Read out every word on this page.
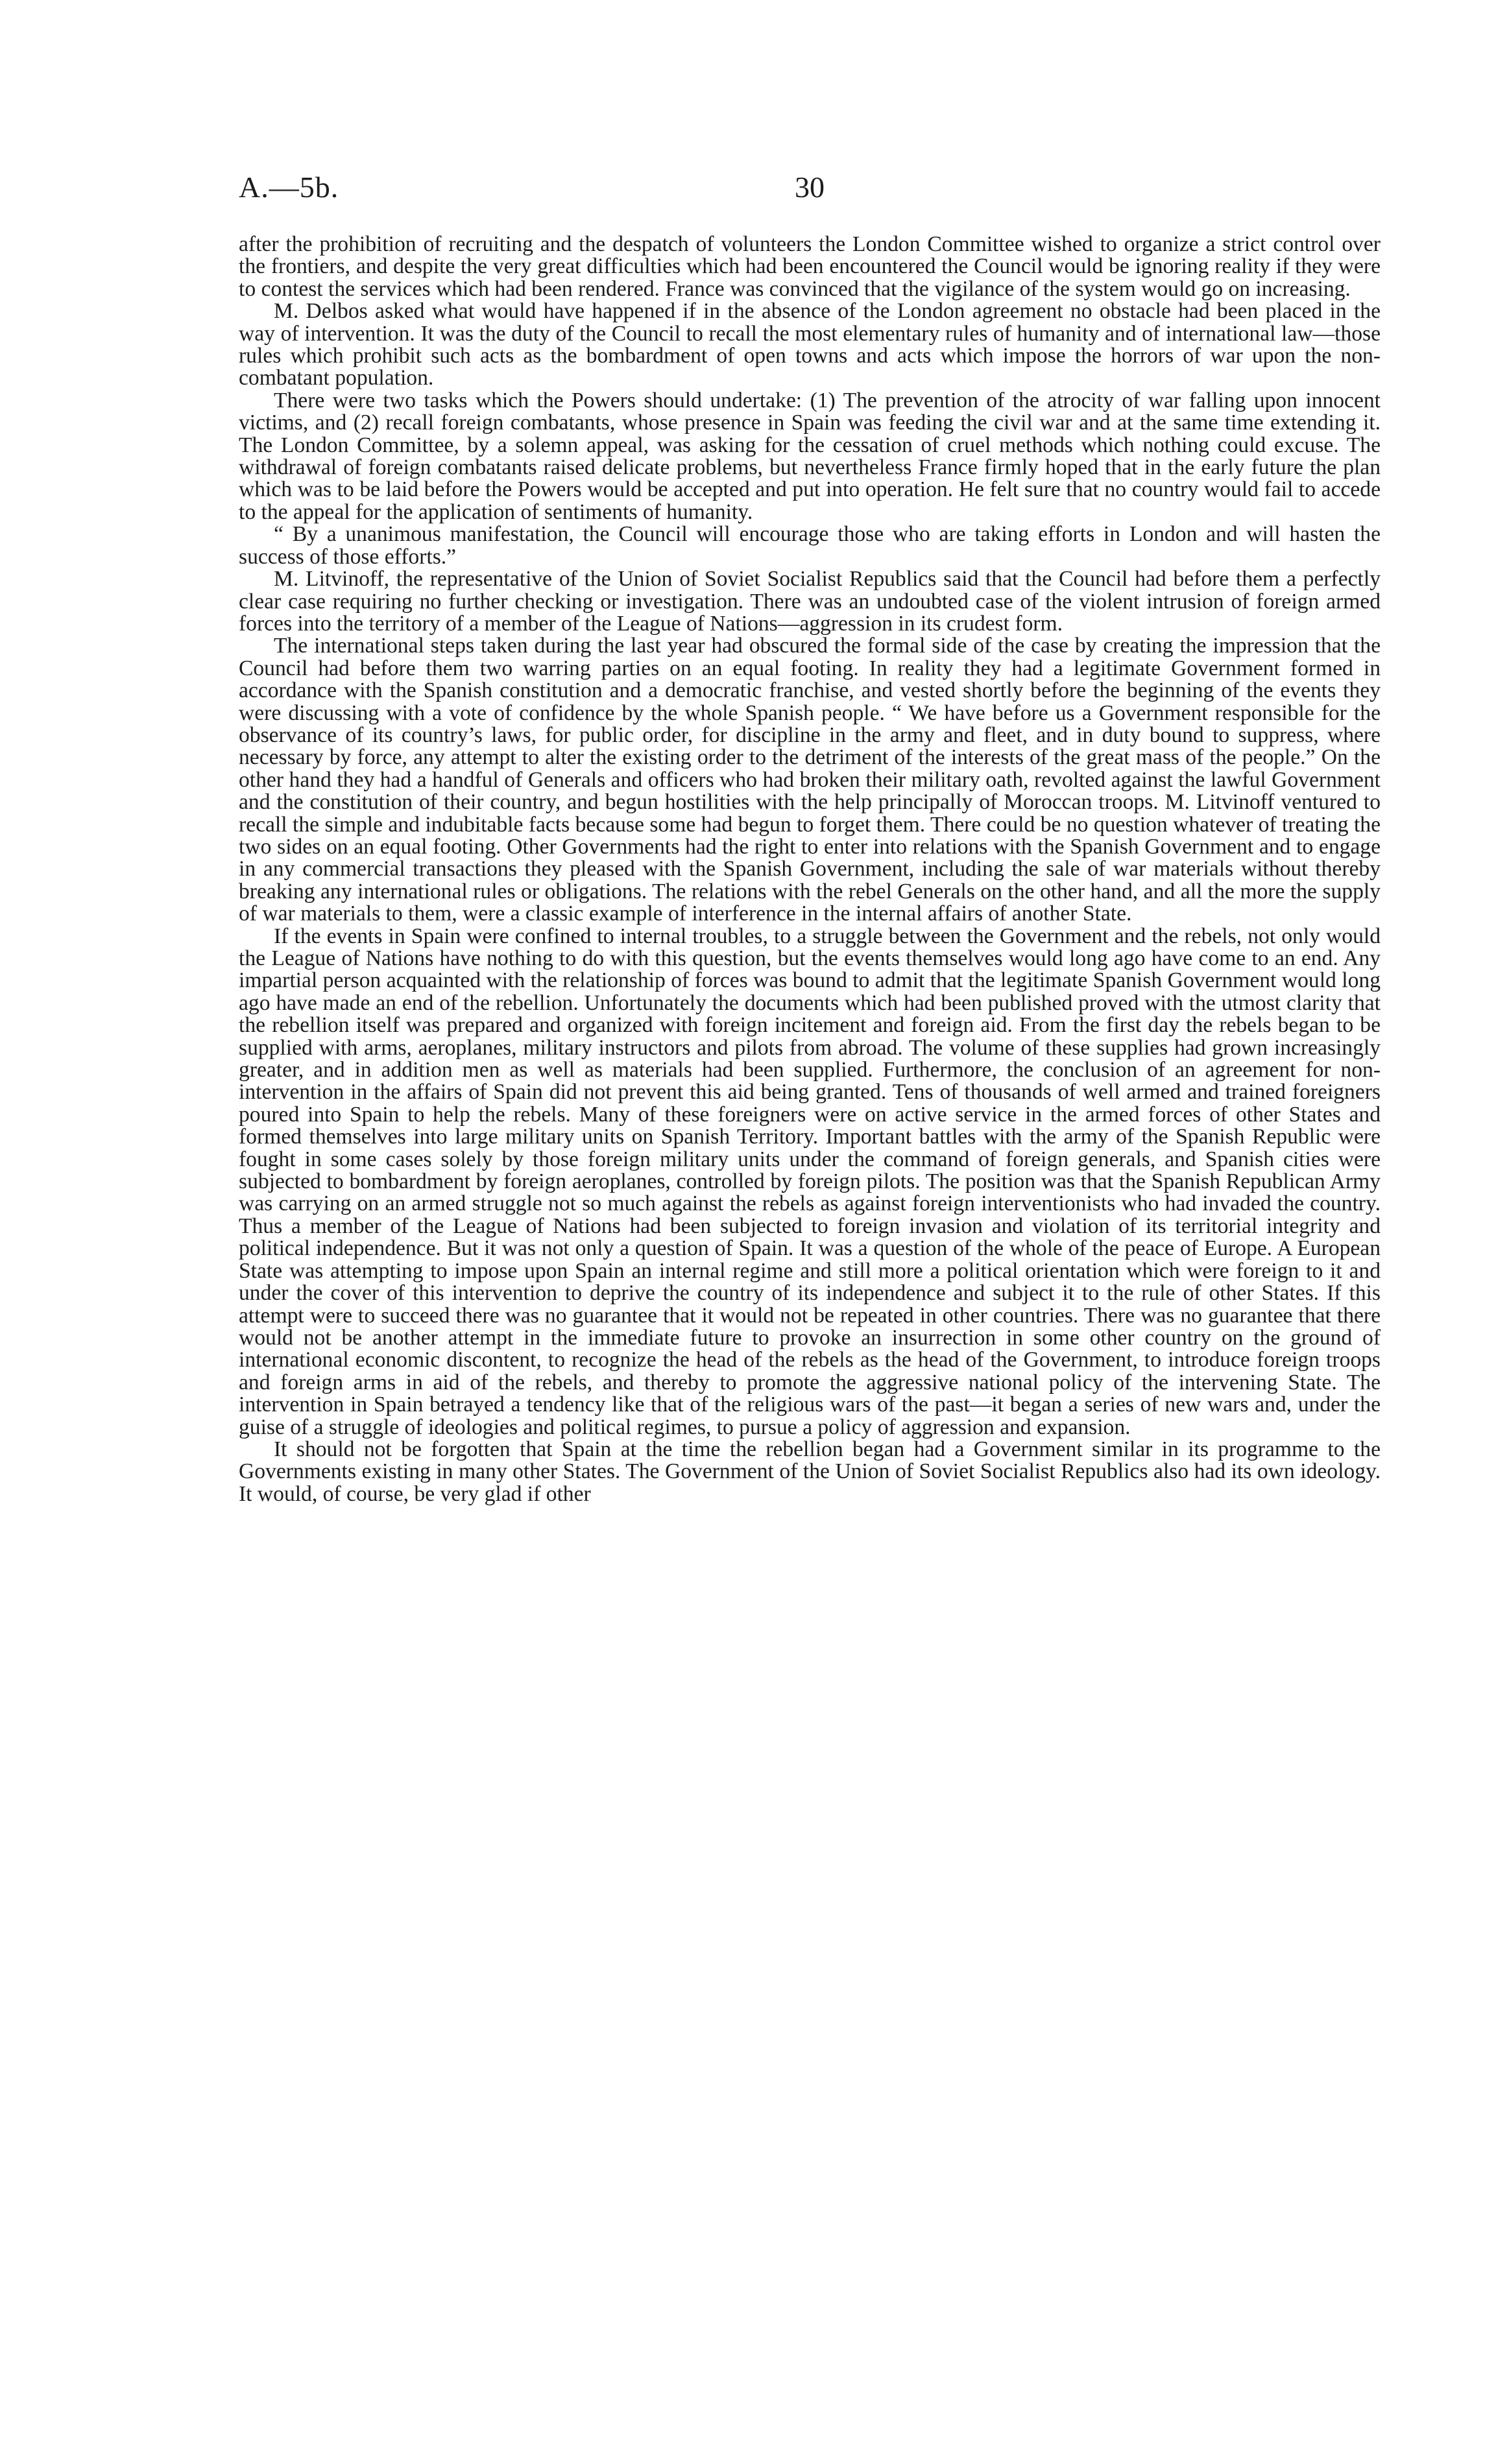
A.—5b.	30

after the prohibition of recruiting and the despatch of volunteers the London Committee wished to organize a strict control over the frontiers, and despite the very great difficulties which had been encountered the Council would be ignoring reality if they were to contest the services which had been rendered. France was convinced that the vigilance of the system would go on increasing.

M. Delbos asked what would have happened if in the absence of the London agreement no obstacle had been placed in the way of intervention. It was the duty of the Council to recall the most elementary rules of humanity and of international law—those rules which prohibit such acts as the bombardment of open towns and acts which impose the horrors of war upon the non-combatant population.

There were two tasks which the Powers should undertake: (1) The prevention of the atrocity of war falling upon innocent victims, and (2) recall foreign combatants, whose presence in Spain was feeding the civil war and at the same time extending it. The London Committee, by a solemn appeal, was asking for the cessation of cruel methods which nothing could excuse. The withdrawal of foreign combatants raised delicate problems, but nevertheless France firmly hoped that in the early future the plan which was to be laid before the Powers would be accepted and put into operation. He felt sure that no country would fail to accede to the appeal for the application of sentiments of humanity.

“ By a unanimous manifestation, the Council will encourage those who are taking efforts in London and will hasten the success of those efforts.”

M. Litvinoff, the representative of the Union of Soviet Socialist Republics said that the Council had before them a perfectly clear case requiring no further checking or investigation. There was an undoubted case of the violent intrusion of foreign armed forces into the territory of a member of the League of Nations—aggression in its crudest form.

The international steps taken during the last year had obscured the formal side of the case by creating the impression that the Council had before them two warring parties on an equal footing. In reality they had a legitimate Government formed in accordance with the Spanish constitution and a democratic franchise, and vested shortly before the beginning of the events they were discussing with a vote of confidence by the whole Spanish people. “ We have before us a Government responsible for the observance of its country’s laws, for public order, for discipline in the army and fleet, and in duty bound to suppress, where necessary by force, any attempt to alter the existing order to the detriment of the interests of the great mass of the people.” On the other hand they had a handful of Generals and officers who had broken their military oath, revolted against the lawful Government and the constitution of their country, and begun hostilities with the help principally of Moroccan troops. M. Litvinoff ventured to recall the simple and indubitable facts because some had begun to forget them. There could be no question whatever of treating the two sides on an equal footing. Other Governments had the right to enter into relations with the Spanish Government and to engage in any commercial transactions they pleased with the Spanish Government, including the sale of war materials without thereby breaking any international rules or obligations. The relations with the rebel Generals on the other hand, and all the more the supply of war materials to them, were a classic example of interference in the internal affairs of another State.

If the events in Spain were confined to internal troubles, to a struggle between the Government and the rebels, not only would the League of Nations have nothing to do with this question, but the events themselves would long ago have come to an end. Any impartial person acquainted with the relationship of forces was bound to admit that the legitimate Spanish Government would long ago have made an end of the rebellion. Unfortunately the documents which had been published proved with the utmost clarity that the rebellion itself was prepared and organized with foreign incitement and foreign aid. From the first day the rebels began to be supplied with arms, aeroplanes, military instructors and pilots from abroad. The volume of these supplies had grown increasingly greater, and in addition men as well as materials had been supplied. Furthermore, the conclusion of an agreement for non-intervention in the affairs of Spain did not prevent this aid being granted. Tens of thousands of well armed and trained foreigners poured into Spain to help the rebels. Many of these foreigners were on active service in the armed forces of other States and formed themselves into large military units on Spanish Territory. Important battles with the army of the Spanish Republic were fought in some cases solely by those foreign military units under the command of foreign generals, and Spanish cities were subjected to bombardment by foreign aeroplanes, controlled by foreign pilots. The position was that the Spanish Republican Army was carrying on an armed struggle not so much against the rebels as against foreign interventionists who had invaded the country. Thus a member of the League of Nations had been subjected to foreign invasion and violation of its territorial integrity and political independence. But it was not only a question of Spain. It was a question of the whole of the peace of Europe. A European State was attempting to impose upon Spain an internal regime and still more a political orientation which were foreign to it and under the cover of this intervention to deprive the country of its independence and subject it to the rule of other States. If this attempt were to succeed there was no guarantee that it would not be repeated in other countries. There was no guarantee that there would not be another attempt in the immediate future to provoke an insurrection in some other country on the ground of international economic discontent, to recognize the head of the rebels as the head of the Government, to introduce foreign troops and foreign arms in aid of the rebels, and thereby to promote the aggressive national policy of the intervening State. The intervention in Spain betrayed a tendency like that of the religious wars of the past—it began a series of new wars and, under the guise of a struggle of ideologies and political regimes, to pursue a policy of aggression and expansion.

It should not be forgotten that Spain at the time the rebellion began had a Government similar in its programme to the Governments existing in many other States. The Government of the Union of Soviet Socialist Republics also had its own ideology. It would, of course, be very glad if other
